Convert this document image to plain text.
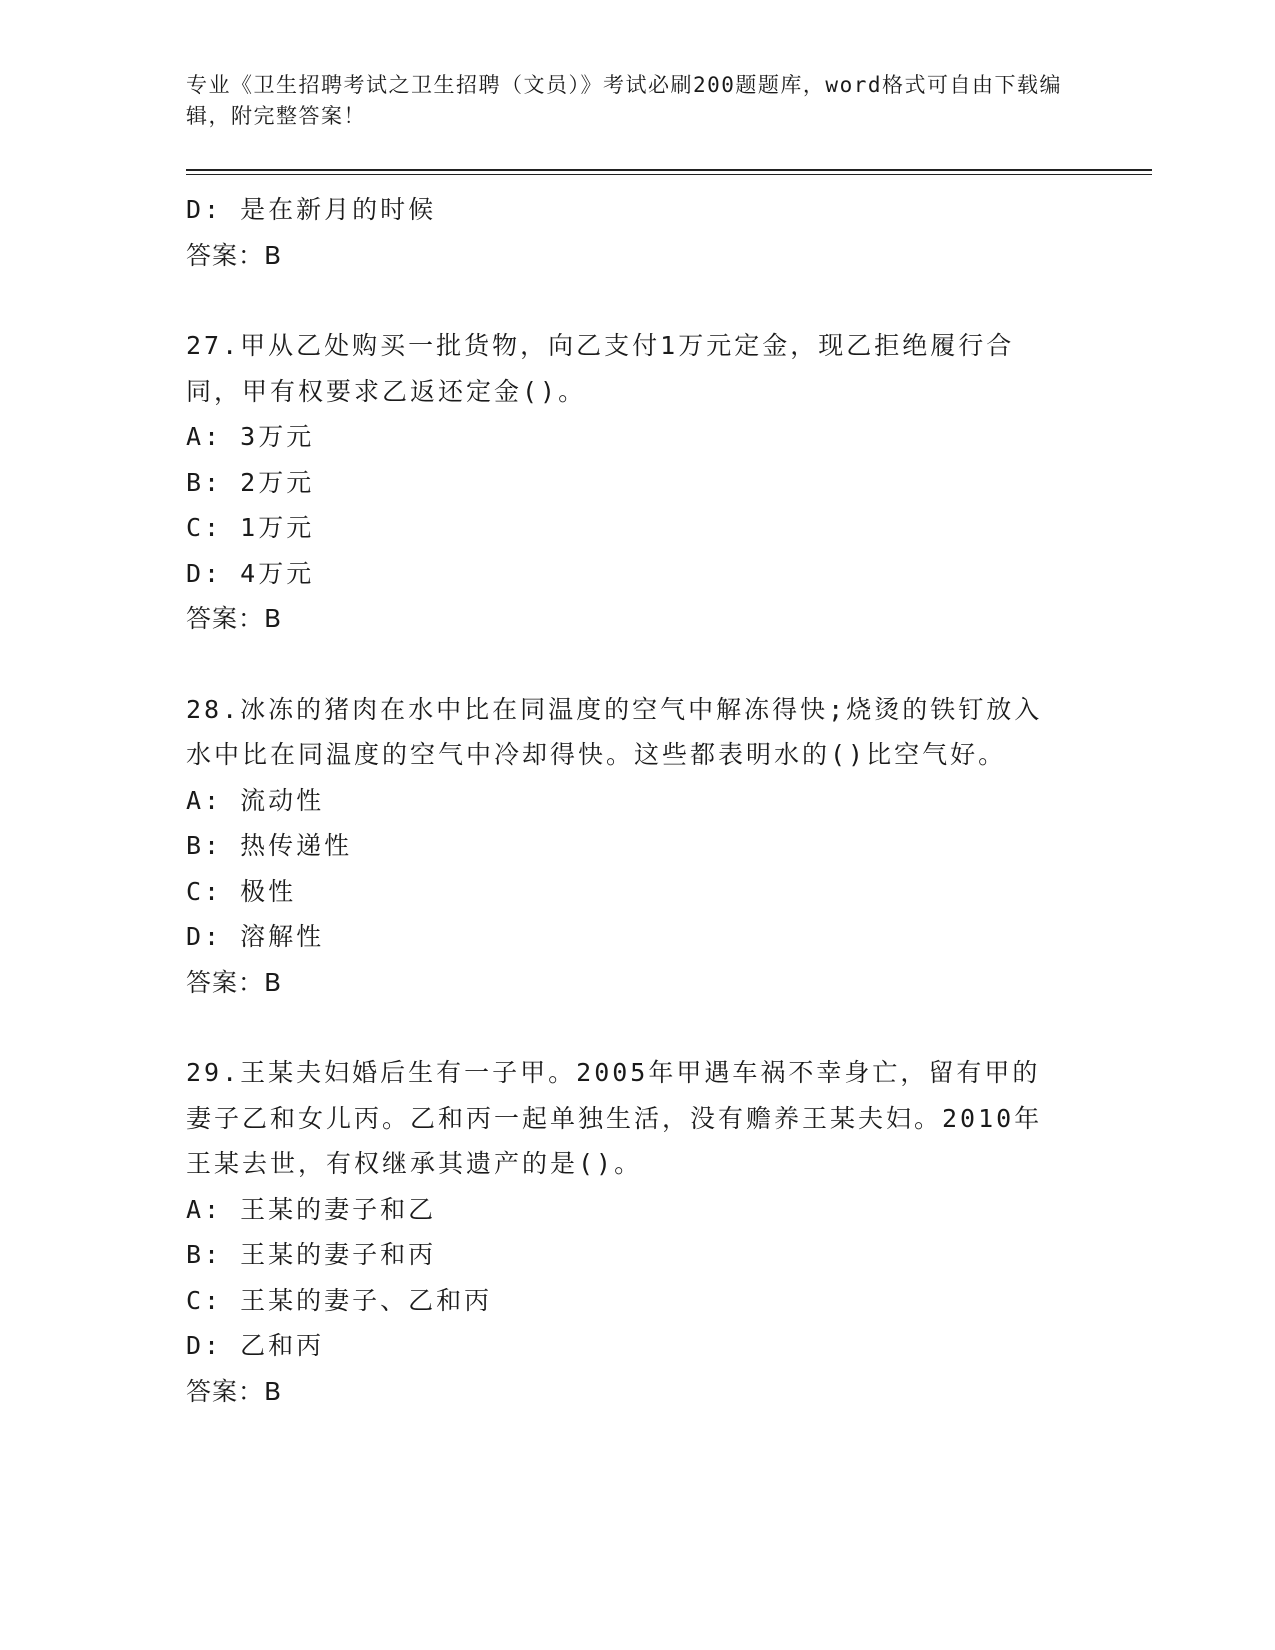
专业《卫生招聘考试之卫生招聘（文员）》考试必刷200题题库，word格式可自由下载编辑，附完整答案！

D: 是在新月的时候

答案：B

27.甲从乙处购买一批货物，向乙支付1万元定金，现乙拒绝履行合同，甲有权要求乙返还定金()。

A: 3万元

B: 2万元

C: 1万元

D: 4万元

答案：B

28.冰冻的猪肉在水中比在同温度的空气中解冻得快;烧烫的铁钉放入水中比在同温度的空气中冷却得快。这些都表明水的()比空气好。

A: 流动性

B: 热传递性

C: 极性

D: 溶解性

答案：B

29.王某夫妇婚后生有一子甲。2005年甲遇车祸不幸身亡，留有甲的妻子乙和女儿丙。乙和丙一起单独生活，没有赡养王某夫妇。2010年王某去世，有权继承其遗产的是()。

A: 王某的妻子和乙

B: 王某的妻子和丙

C: 王某的妻子、乙和丙

D: 乙和丙

答案：B
